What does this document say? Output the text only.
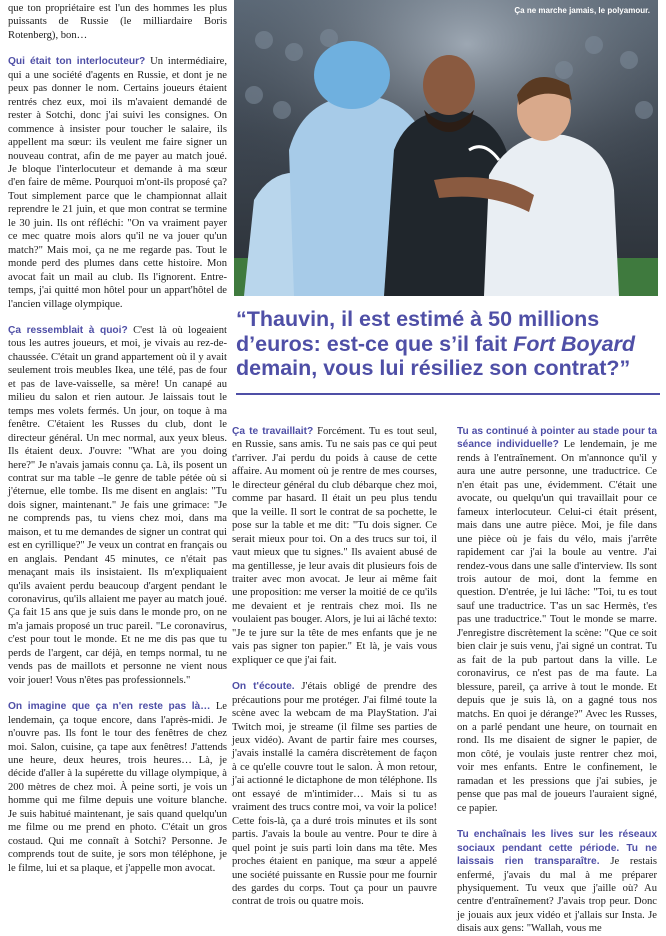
que ton propriétaire est l'un des hommes les plus puissants de Russie (le milliardaire Boris Rotenberg), bon…

Qui était ton interlocuteur? Un intermédiaire, qui a une société d'agents en Russie, et dont je ne peux pas donner le nom. Certains joueurs étaient rentrés chez eux, moi ils m'avaient demandé de rester à Sotchi, donc j'ai suivi les consignes. On commence à insister pour toucher le salaire, ils appellent ma sœur: ils veulent me faire signer un nouveau contrat, afin de me payer au match joué. Je bloque l'interlocuteur et demande à ma sœur d'en faire de même. Pourquoi m'ont-ils proposé ça? Tout simplement parce que le championnat allait reprendre le 21 juin, et que mon contrat se termine le 30 juin. Ils ont réfléchi: "On va vraiment payer ce mec quatre mois alors qu'il ne va jouer qu'un match?" Mais moi, ça ne me regarde pas. Tout le monde perd des plumes dans cette histoire. Mon avocat fait un mail au club. Ils l'ignorent. Entre-temps, j'ai quitté mon hôtel pour un appart'hôtel de l'ancien village olympique.

Ça ressemblait à quoi? C'est là où logeaient tous les autres joueurs, et moi, je vivais au rez-de-chaussée. C'était un grand appartement où il y avait seulement trois meubles Ikea, une télé, pas de four et pas de lave-vaisselle, sa mère! Un canapé au milieu du salon et rien autour. Je laissais tout le temps mes volets fermés. Un jour, on toque à ma fenêtre. C'étaient les Russes du club, dont le directeur général. Un mec normal, aux yeux bleus. Ils étaient deux. J'ouvre: "What are you doing here?" Je n'avais jamais connu ça. Là, ils posent un contrat sur ma table –le genre de table pétée où si j'éternue, elle tombe. Ils me disent en anglais: "Tu dois signer, maintenant." Je fais une grimace: "Je ne comprends pas, tu viens chez moi, dans ma maison, et tu me demandes de signer un contrat qui est en cyrillique?" Je veux un contrat en français ou en anglais. Pendant 45 minutes, ce n'était pas menaçant mais ils insistaient. Ils m'expliquaient qu'ils avaient perdu beaucoup d'argent pendant le coronavirus, qu'ils allaient me payer au match joué. Ça fait 15 ans que je suis dans le monde pro, on ne m'a jamais proposé un truc pareil. "Le coronavirus, c'est pour tout le monde. Et ne me dis pas que tu perds de l'argent, car déjà, en temps normal, tu ne vends pas de maillots et personne ne vient nous voir jouer! Vous n'êtes pas professionnels."

On imagine que ça n'en reste pas là… Le lendemain, ça toque encore, dans l'après-midi. Je n'ouvre pas. Ils font le tour des fenêtres de chez moi. Salon, cuisine, ça tape aux fenêtres! J'attends une heure, deux heures, trois heures… Là, je décide d'aller à la supérette du village olympique, à 200 mètres de chez moi. À peine sorti, je vois un homme qui me filme depuis une voiture blanche. Je suis habitué maintenant, je sais quand quelqu'un me filme ou me prend en photo. C'était un gros costaud. Qui me connaît à Sotchi? Personne. Je comprends tout de suite, je sors mon téléphone, je le filme, lui et sa plaque, et j'appelle mon avocat.

Ça ne marche jamais, le polyamour.
“Thauvin, il est estimé à 50 millions d’euros: est-ce que s’il fait Fort Boyard demain, vous lui résiliez son contrat?”

Ça te travaillait? Forcément. Tu es tout seul, en Russie, sans amis. Tu ne sais pas ce qui peut t'arriver. J'ai perdu du poids à cause de cette affaire. Au moment où je rentre de mes courses, le directeur général du club débarque chez moi, comme par hasard. Il était un peu plus tendu que la veille. Il sort le contrat de sa pochette, le pose sur la table et me dit: "Tu dois signer. Ce serait mieux pour toi. On a des trucs sur toi, il vaut mieux que tu signes." Ils avaient abusé de ma gentillesse, je leur avais dit plusieurs fois de traiter avec mon avocat. Je leur ai même fait une proposition: me verser la moitié de ce qu'ils me devaient et je rentrais chez moi. Ils ne voulaient pas bouger. Alors, je lui ai lâché texto: "Je te jure sur la tête de mes enfants que je ne vais pas signer ton papier." Et là, je vais vous expliquer ce que j'ai fait.

On t'écoute. J'étais obligé de prendre des précautions pour me protéger. J'ai filmé toute la scène avec la webcam de ma PlayStation. J'ai Twitch moi, je streame (il filme ses parties de jeux vidéo). Avant de partir faire mes courses, j'avais installé la caméra discrètement de façon à ce qu'elle couvre tout le salon. À mon retour, j'ai actionné le dictaphone de mon téléphone. Ils ont essayé de m'intimider… Mais si tu as vraiment des trucs contre moi, va voir la police! Cette fois-là, ça a duré trois minutes et ils sont partis. J'avais la boule au ventre. Pour te dire à quel point je suis parti loin dans ma tête. Mes proches étaient en panique, ma sœur a appelé une société puissante en Russie pour me fournir des gardes du corps. Tout ça pour un pauvre contrat de trois ou quatre mois.

Tu as continué à pointer au stade pour ta séance individuelle? Le lendemain, je me rends à l'entraînement. On m'annonce qu'il y aura une autre personne, une traductrice. Ce n'en était pas une, évidemment. C'était une avocate, ou quelqu'un qui travaillait pour ce fameux interlocuteur. Celui-ci était présent, mais dans une autre pièce. Moi, je file dans une pièce où je fais du vélo, mais j'arrête rapidement car j'ai la boule au ventre. J'ai rendez-vous dans une salle d'interview. Ils sont trois autour de moi, dont la femme en question. D'entrée, je lui lâche: "Toi, tu es tout sauf une traductrice. T'as un sac Hermès, t'es pas une traductrice." Tout le monde se marre. J'enregistre discrètement la scène: "Que ce soit bien clair je suis venu, j'ai signé un contrat. Tu as fait de la pub partout dans la ville. Le coronavirus, ce n'est pas de ma faute. La blessure, pareil, ça arrive à tout le monde. Et depuis que je suis là, on a gagné tous nos matchs. En quoi je dérange?" Avec les Russes, on a parlé pendant une heure, on tournait en rond. Ils me disaient de signer le papier, de mon côté, je voulais juste rentrer chez moi, voir mes enfants. Entre le confinement, le ramadan et les pressions que j'ai subies, je pense que pas mal de joueurs l'auraient signé, ce papier.

Tu enchaînais les lives sur les réseaux sociaux pendant cette période. Tu ne laissais rien transparaître. Je restais enfermé, j'avais du mal à me préparer physiquement. Tu veux que j'aille où? Au centre d'entraînement? J'avais trop peur. Donc je jouais aux jeux vidéo et j'allais sur Insta. Je disais aux gens: "Wallah, vous me
